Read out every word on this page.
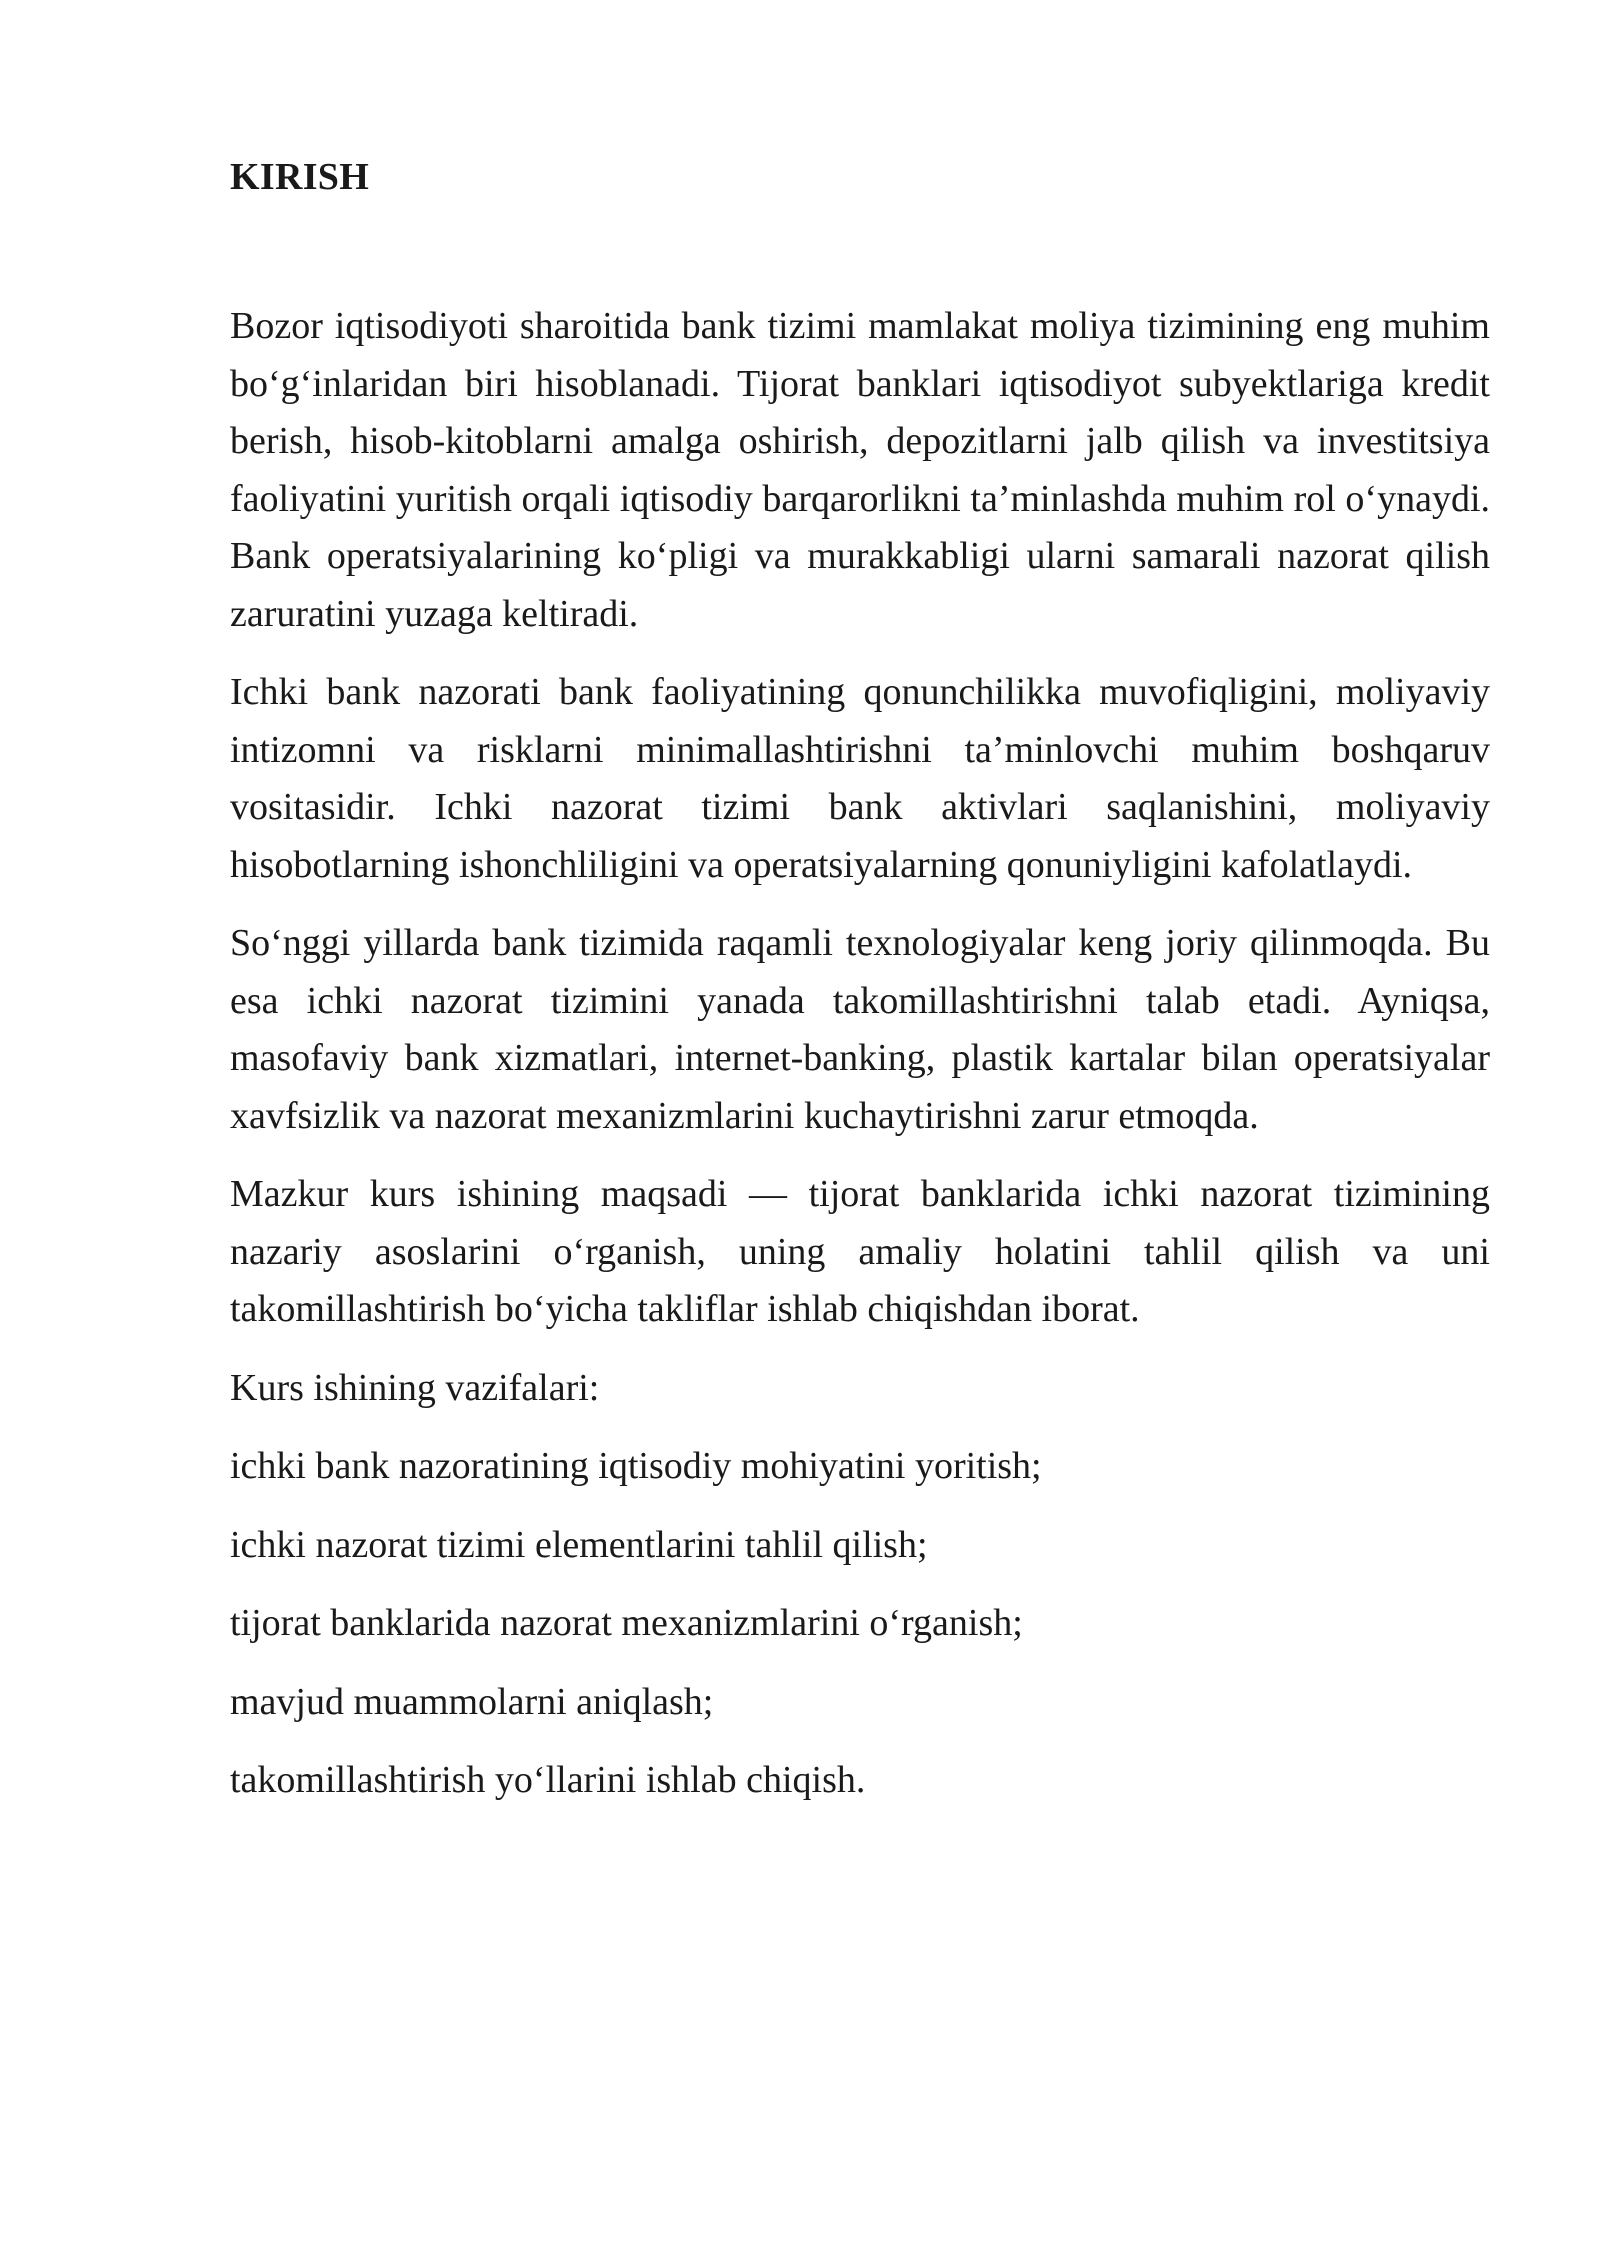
KIRISH

Bozor iqtisodiyoti sharoitida bank tizimi mamlakat moliya tizimining eng muhim bo‘g‘inlaridan biri hisoblanadi. Tijorat banklari iqtisodiyot subyektlariga kredit berish, hisob-kitoblarni amalga oshirish, depozitlarni jalb qilish va investitsiya faoliyatini yuritish orqali iqtisodiy barqarorlikni ta’minlashda muhim rol o‘ynaydi. Bank operatsiyalarining ko‘pligi va murakkabligi ularni samarali nazorat qilish zaruratini yuzaga keltiradi.

Ichki bank nazorati bank faoliyatining qonunchilikka muvofiqligini, moliyaviy intizomni va risklarni minimallashtirishni ta’minlovchi muhim boshqaruv vositasidir. Ichki nazorat tizimi bank aktivlari saqlanishini, moliyaviy hisobotlarning ishonchliligini va operatsiyalarning qonuniyligini kafolatlaydi.

So‘nggi yillarda bank tizimida raqamli texnologiyalar keng joriy qilinmoqda. Bu esa ichki nazorat tizimini yanada takomillashtirishni talab etadi. Ayniqsa, masofaviy bank xizmatlari, internet-banking, plastik kartalar bilan operatsiyalar xavfsizlik va nazorat mexanizmlarini kuchaytirishni zarur etmoqda.

Mazkur kurs ishining maqsadi — tijorat banklarida ichki nazorat tizimining nazariy asoslarini o‘rganish, uning amaliy holatini tahlil qilish va uni takomillashtirish bo‘yicha takliflar ishlab chiqishdan iborat.

Kurs ishining vazifalari:

ichki bank nazoratining iqtisodiy mohiyatini yoritish;
ichki nazorat tizimi elementlarini tahlil qilish;
tijorat banklarida nazorat mexanizmlarini o‘rganish;
mavjud muammolarni aniqlash;
takomillashtirish yo‘llarini ishlab chiqish.
